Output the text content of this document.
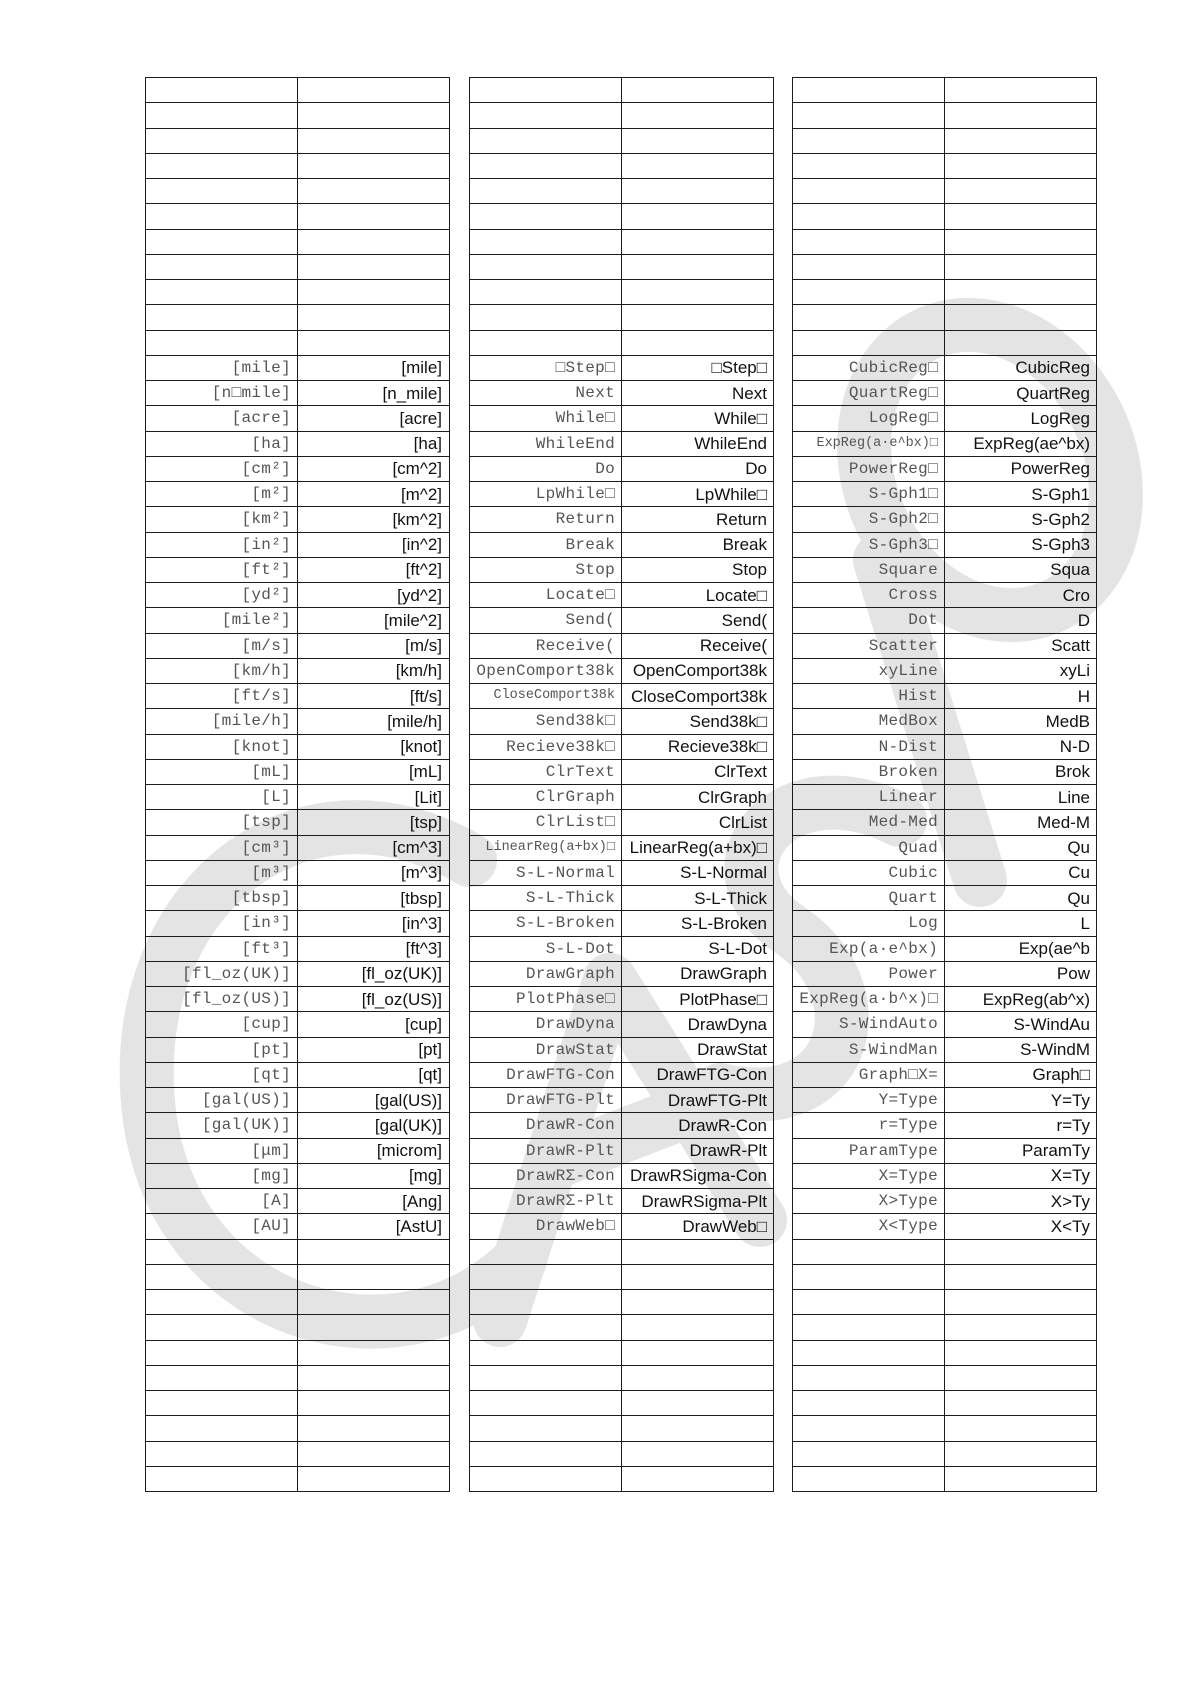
[mile]	[mile]
[n□mile]	[n_mile]
[acre]	[acre]
[ha]	[ha]
[cm²]	[cm^2]
[m²]	[m^2]
[km²]	[km^2]
[in²]	[in^2]
[ft²]	[ft^2]
[yd²]	[yd^2]
[mile²]	[mile^2]
[m/s]	[m/s]
[km/h]	[km/h]
[ft/s]	[ft/s]
[mile/h]	[mile/h]
[knot]	[knot]
[mL]	[mL]
[L]	[Lit]
[tsp]	[tsp]
[cm³]	[cm^3]
[m³]	[m^3]
[tbsp]	[tbsp]
[in³]	[in^3]
[ft³]	[ft^3]
[fl_oz(UK)]	[fl_oz(UK)]
[fl_oz(US)]	[fl_oz(US)]
[cup]	[cup]
[pt]	[pt]
[qt]	[qt]
[gal(US)]	[gal(US)]
[gal(UK)]	[gal(UK)]
[μm]	[microm]
[mg]	[mg]
[A]	[Ang]
[AU]	[AstU]

□Step□	□Step□
Next	Next
While□	While□
WhileEnd	WhileEnd
Do	Do
LpWhile□	LpWhile□
Return	Return
Break	Break
Stop	Stop
Locate□	Locate□
Send(	Send(
Receive(	Receive(
OpenComport38k	OpenComport38k
CloseComport38k	CloseComport38k
Send38k□	Send38k□
Recieve38k□	Recieve38k□
ClrText	ClrText
ClrGraph	ClrGraph
ClrList□	ClrList
LinearReg(a+bx)□	LinearReg(a+bx)□
S-L-Normal	S-L-Normal
S-L-Thick	S-L-Thick
S-L-Broken	S-L-Broken
S-L-Dot	S-L-Dot
DrawGraph	DrawGraph
PlotPhase□	PlotPhase□
DrawDyna	DrawDyna
DrawStat	DrawStat
DrawFTG-Con	DrawFTG-Con
DrawFTG-Plt	DrawFTG-Plt
DrawR-Con	DrawR-Con
DrawR-Plt	DrawR-Plt
DrawRΣ-Con	DrawRSigma-Con
DrawRΣ-Plt	DrawRSigma-Plt
DrawWeb□	DrawWeb□

CubicReg□	CubicReg
QuartReg□	QuartReg
LogReg□	LogReg
ExpReg(a·e^bx)□	ExpReg(ae^bx)
PowerReg□	PowerReg
S-Gph1□	S-Gph1
S-Gph2□	S-Gph2
S-Gph3□	S-Gph3
Square	Squa
Cross	Cro
Dot	D
Scatter	Scatt
xyLine	xyLi
Hist	H
MedBox	MedB
N-Dist	N-D
Broken	Brok
Linear	Line
Med-Med	Med-M
Quad	Qu
Cubic	Cu
Quart	Qu
Log	L
Exp(a·e^bx)	Exp(ae^b
Power	Pow
ExpReg(a·b^x)□	ExpReg(ab^x)
S-WindAuto	S-WindAu
S-WindMan	S-WindM
Graph□X=	Graph□
Y=Type	Y=Ty
r=Type	r=Ty
ParamType	ParamTy
X=Type	X=Ty
X>Type	X>Ty
X<Type	X<Ty
